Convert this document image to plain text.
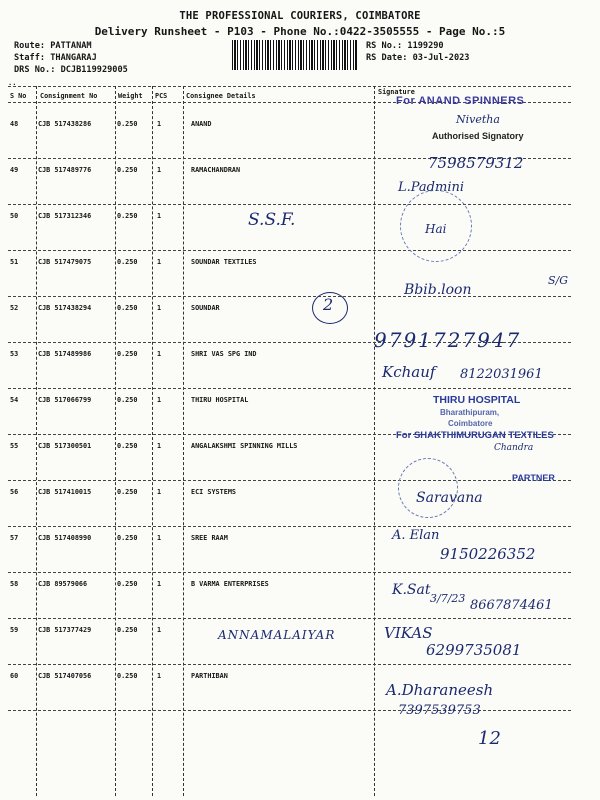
THE PROFESSIONAL COURIERS, COIMBATORE
Delivery Runsheet - P103 - Phone No.:0422-3505555 - Page No.:5
Route: PATTANAM
Staff: THANGARAJ
DRS No.: DCJB119929005
RS No.: 1199290
RS Date: 03-Jul-2023
..
S No Consignment No	Weight PCS	Consignee Details	Signature
48	CJB 517438286	0.250	1	ANAND
49	CJB 517489776	0.250	1	RAMACHANDRAN
50	CJB 517312346	0.250	1
51	CJB 517479075	0.250	1	SOUNDAR TEXTILES
52	CJB 517438294	0.250	1	SOUNDAR
53	CJB 517489986	0.250	1	SHRI VAS SPG IND
54	CJB 517066799	0.250	1	THIRU HOSPITAL
55	CJB 517300501	0.250	1	ANGALAKSHMI SPINNING MILLS
56	CJB 517410015	0.250	1	ECI SYSTEMS
57	CJB 517408990	0.250	1	SREE RAAM
58	CJB 89579066	0.250	1	B VARMA ENTERPRISES
59	CJB 517377429	0.250	1
60	CJB 517407056	0.250	1	PARTHIBAN
For ANAND SPINNERS
Authorised Signatory
THIRU HOSPITAL
Bharathipuram,
Coimbatore
For SHAKTHIMURUGAN TEXTILES
PARTNER
Nivetha
7598579312
L.Padmini
Hai
S.S.F.
Bbib.loon
S/G
2
9791727947
Kchauf 8122031961
Chandra
Saravana
A. Elan
9150226352
K.Sat
3/7/23 8667874461
ANNAMALAIYAR	VIKAS
6299735081
A.Dharaneesh
7397539753
12
